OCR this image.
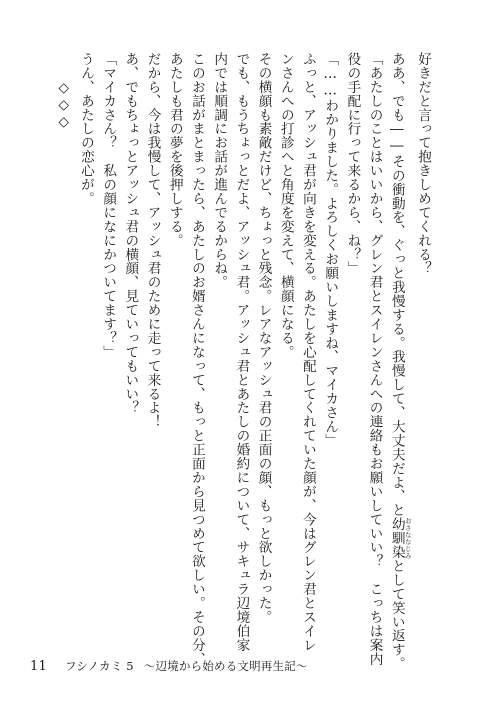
好きだと言って抱きしめてくれる？

ああ、でも――その衝動を、ぐっと我慢する。我慢して、大丈夫だよ、と幼馴染 おさななじみとして笑い返す。

「あたしのことはいいから、グレン君とスイレンさんへの連絡もお願いしていい？　こっちは案内

役の手配に行って来るから、ね？」

「……わかりました。よろしくお願いしますね、マイカさん」

ふっと、アッシュ君が向きを変える。あたしを心配してくれていた顔が、今はグレン君とスイレ

ンさんへの打診へと角度を変えて、横顔になる。

その横顔も素敵だけど、ちょっと残念。レアなアッシュ君の正面の顔、もっと欲しかった。

でも、もうちょっとだよ、アッシュ君。アッシュ君とあたしの婚約について、サキュラ辺境伯家

内では順調にお話が進んでるからね。

このお話がまとまったら、あたしのお婿さんになって、もっと正面から見つめて欲しい。その分、

あたしも君の夢を後押しする。

だから、今は我慢して、アッシュ君のために走って来るよ！

あ、でもちょっとアッシュ君の横顔、見ていってもいい？

「マイカさん？　私の顔になにかついてます？」

うん、あたしの恋心が。

◇◇◇

11 フシノカミ 5 ～辺境から始める文明再生記～
